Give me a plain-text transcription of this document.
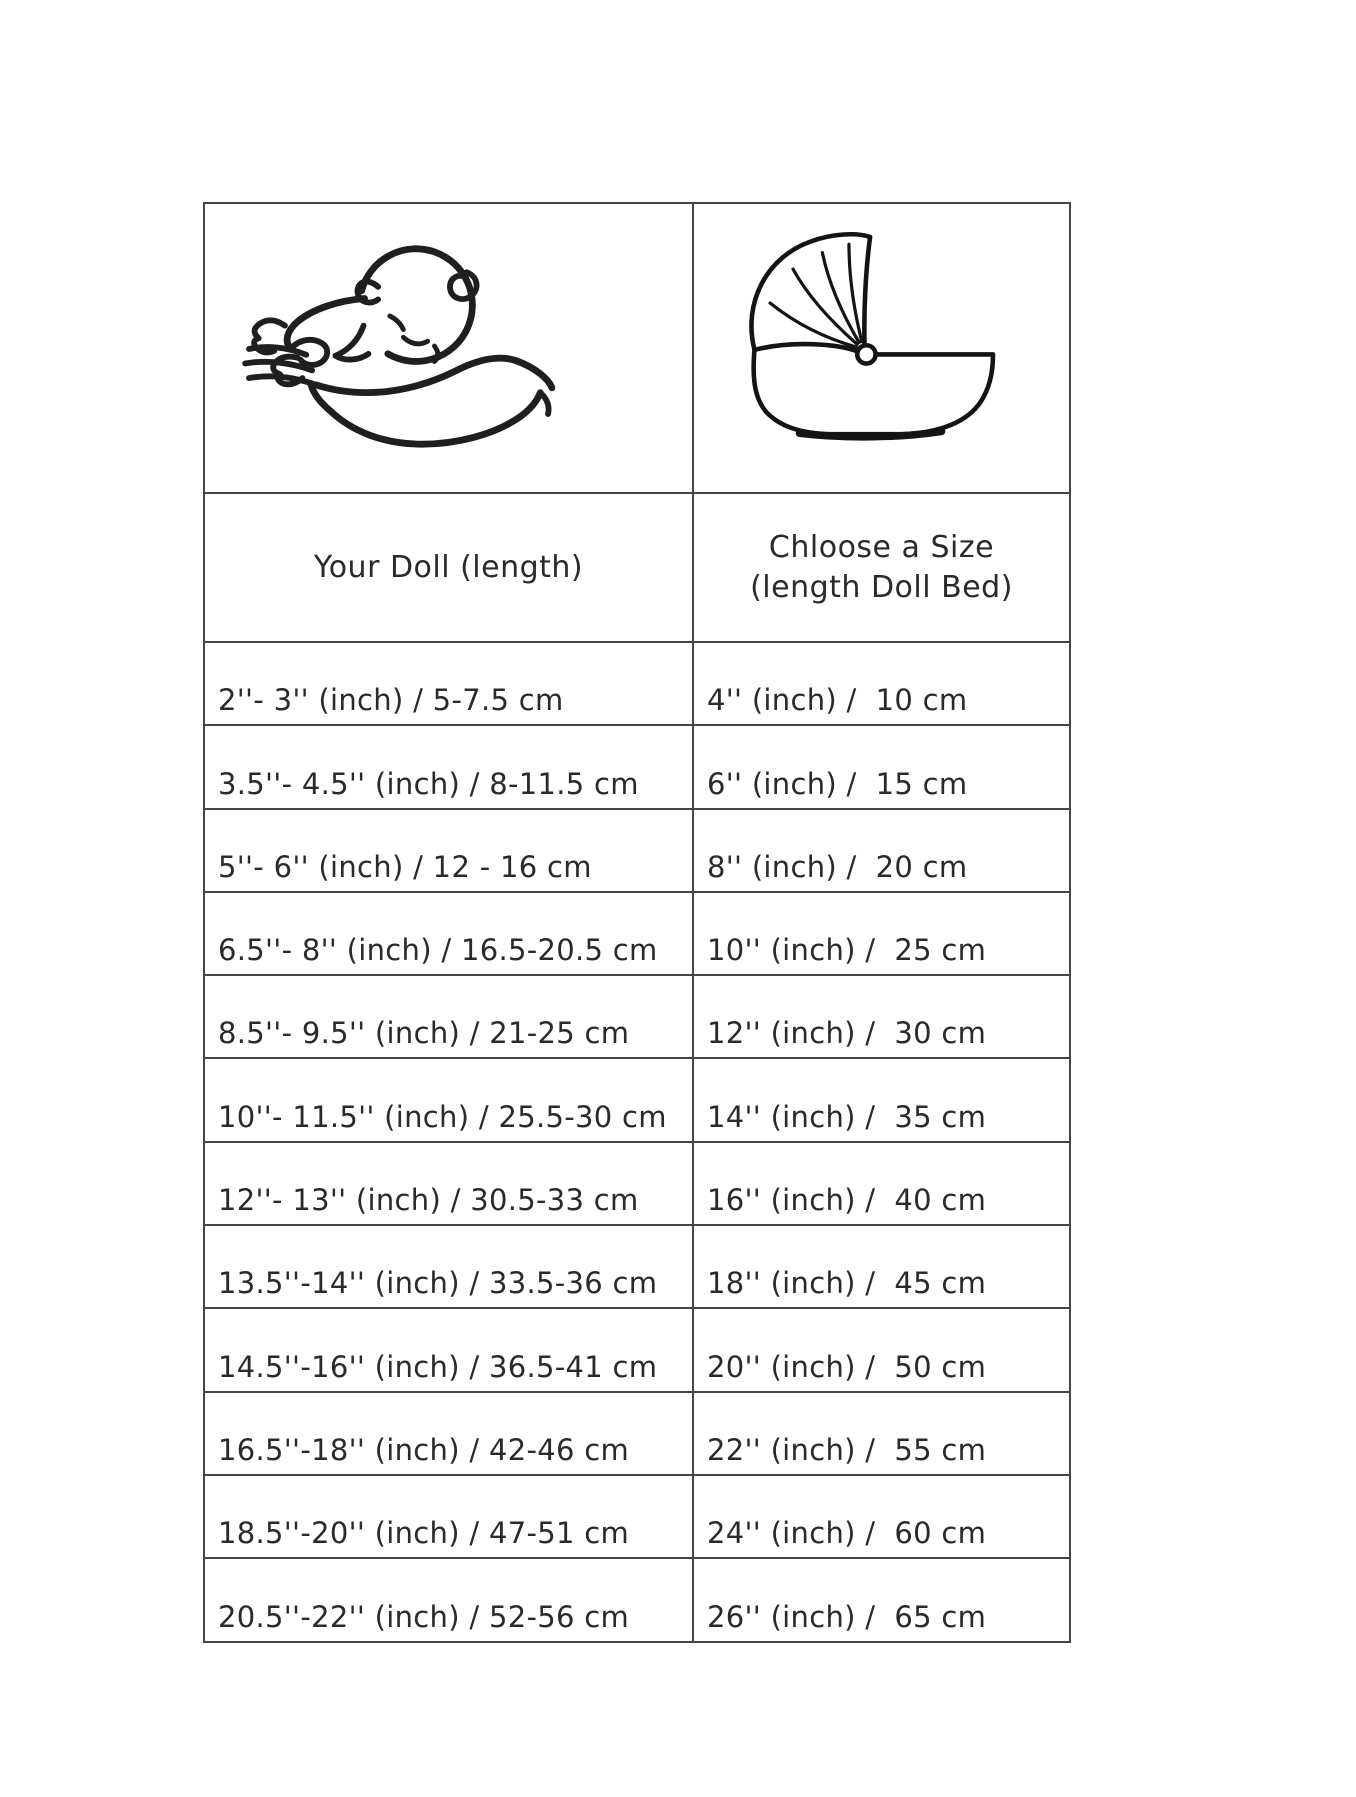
Your Doll (length)	Chloose a Size
(length Doll Bed)

2''- 3'' (inch) / 5-7.5 cm	4'' (inch) /  10 cm
3.5''- 4.5'' (inch) / 8-11.5 cm	6'' (inch) /  15 cm
5''- 6'' (inch) / 12 - 16 cm	8'' (inch) /  20 cm
6.5''- 8'' (inch) / 16.5-20.5 cm	10'' (inch) /  25 cm
8.5''- 9.5'' (inch) / 21-25 cm	12'' (inch) /  30 cm
10''- 11.5'' (inch) / 25.5-30 cm	14'' (inch) /  35 cm
12''- 13'' (inch) / 30.5-33 cm	16'' (inch) /  40 cm
13.5''-14'' (inch) / 33.5-36 cm	18'' (inch) /  45 cm
14.5''-16'' (inch) / 36.5-41 cm	20'' (inch) /  50 cm
16.5''-18'' (inch) / 42-46 cm	22'' (inch) /  55 cm
18.5''-20'' (inch) / 47-51 cm	24'' (inch) /  60 cm
20.5''-22'' (inch) / 52-56 cm	26'' (inch) /  65 cm
